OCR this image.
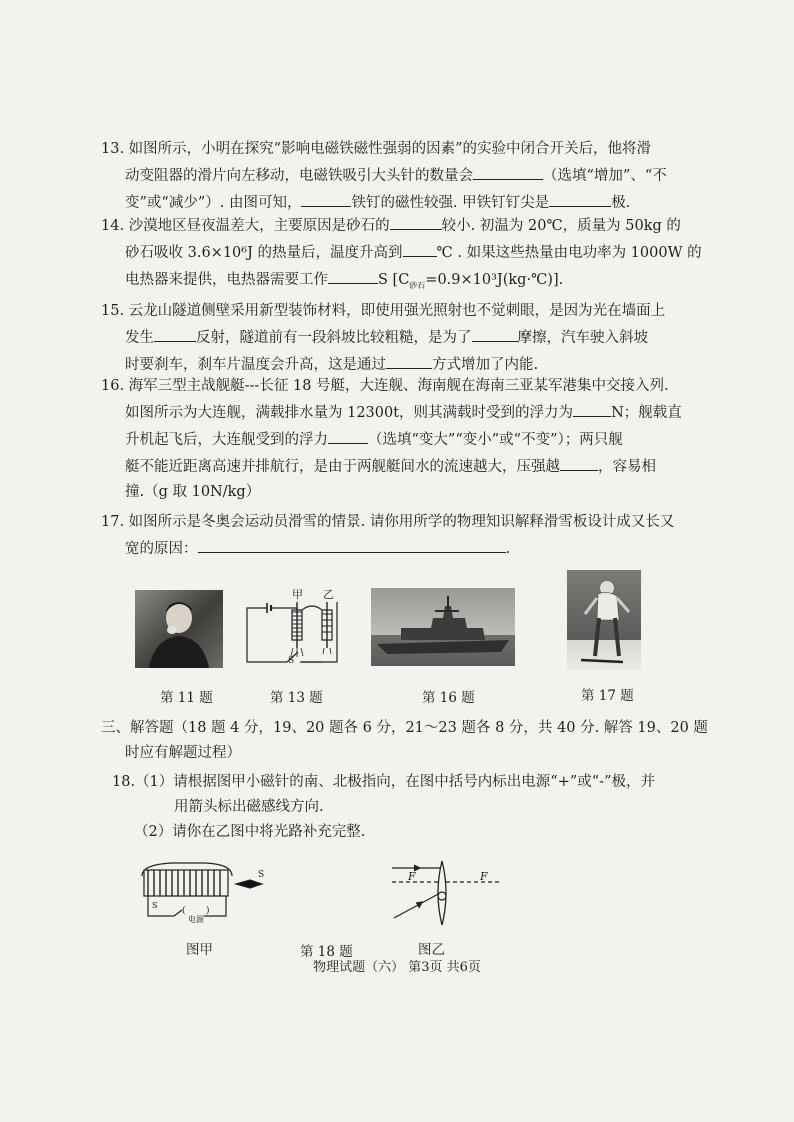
13. 如图所示，小明在探究“影响电磁铁磁性强弱的因素”的实验中闭合开关后，他将滑
动变阻器的滑片向左移动，电磁铁吸引大头针的数量会	（选填“增加”、“不
变”或“减少”）. 由图可知，	铁钉的磁性较强. 甲铁钉钉尖是	极.
14. 沙漠地区昼夜温差大，主要原因是砂石的	较小. 初温为 20℃，质量为 50kg 的
砂石吸收 3.6×10⁶J 的热量后，温度升高到 ℃ . 如果这些热量由电功率为 1000W 的
电热器来提供，电热器需要工作	S $[C_{砂石}=0.9\times 10^3J(kg\cdot℃)]$.
15. 云龙山隧道侧壁采用新型装饰材料，即使用强光照射也不觉刺眼，是因为光在墙面上
发生	反射，隧道前有一段斜坡比较粗糙，是为了	摩擦，汽车驶入斜坡
时要刹车，刹车片温度会升高，这是通过	方式增加了内能.
16. 海军三型主战舰艇---长征 18 号艇，大连舰、海南舰在海南三亚某军港集中交接入列.
如图所示为大连舰，满载排水量为 12300t，则其满载时受到的浮力为	N；舰载直
升机起飞后，大连舰受到的浮力	（选填“变大”“变小”或“不变”）；两只舰
艇不能近距离高速并排航行，是由于两舰艇间水的流速越大，压强越	，容易相
撞.（g 取 10N/kg）
17. 如图所示是冬奥会运动员滑雪的情景. 请你用所学的物理知识解释滑雪板设计成又长又
宽的原因：	.
甲 乙
S
第 11 题	第 13 题	第 16 题	第 17 题
三、解答题（18 题 4 分，19、20 题各 6 分，21～23 题各 8 分，共 40 分. 解答 19、20 题
时应有解题过程）
18.（1）请根据图甲小磁针的南、北极指向，在图中括号内标出电源“+”或“-”极，并
用箭头标出磁感线方向.
（2）请你在乙图中将光路补充完整.
S
S
(
电源
)
F	F
图甲	第 18 题	图乙
物理试题（六） 第3页 共6页
